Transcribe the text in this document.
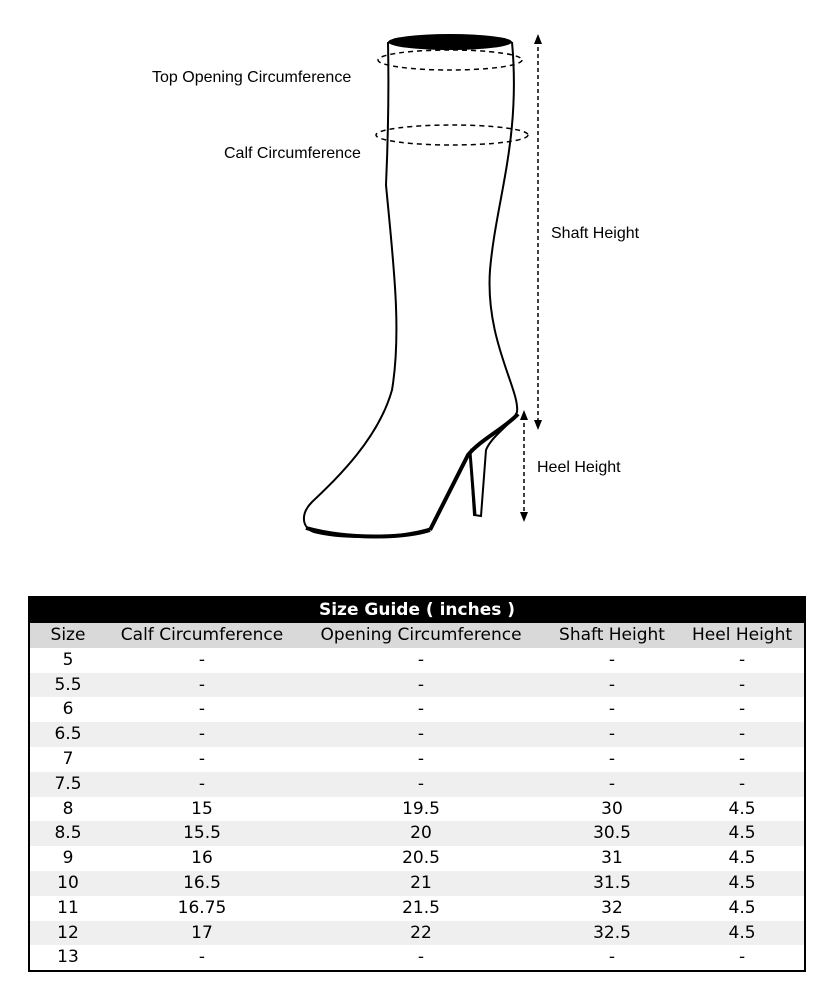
Top Opening Circumference
Calf Circumference
Shaft Height
Heel Height
Size Guide ( inches )				
Size	Calf Circumference	Opening Circumference	Shaft Height	Heel Height
5	-	-	-	-
5.5	-	-	-	-
6	-	-	-	-
6.5	-	-	-	-
7	-	-	-	-
7.5	-	-	-	-
8	15	19.5	30	4.5
8.5	15.5	20	30.5	4.5
9	16	20.5	31	4.5
10	16.5	21	31.5	4.5
11	16.75	21.5	32	4.5
12	17	22	32.5	4.5
13	-	-	-	-
